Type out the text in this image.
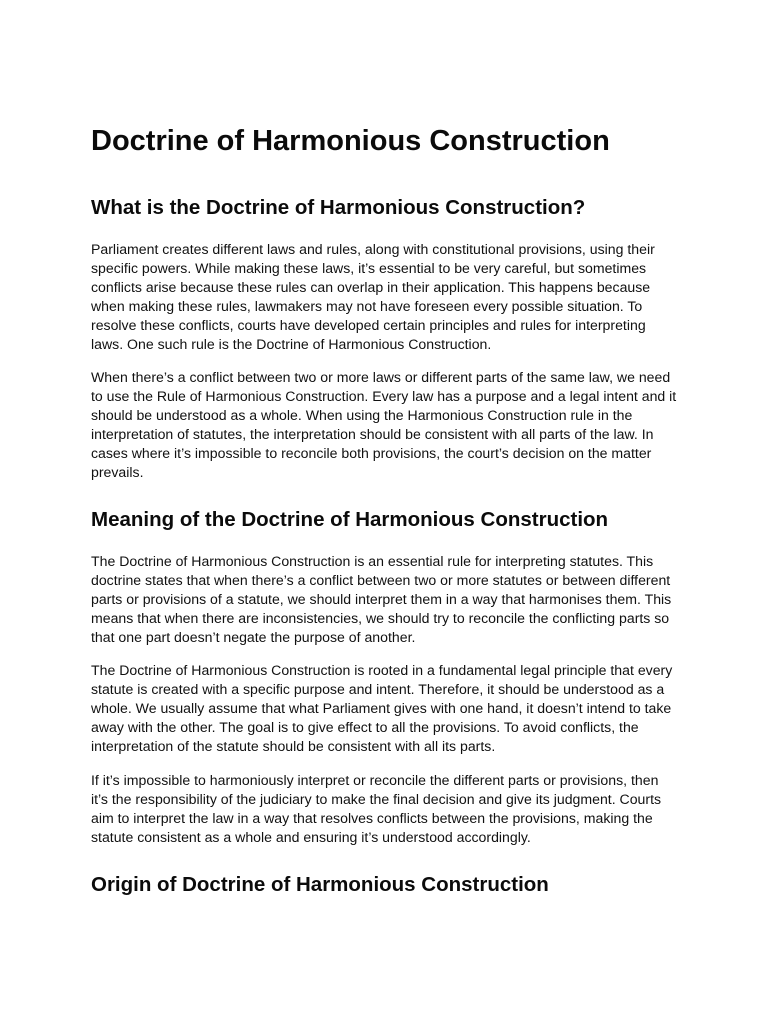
Doctrine of Harmonious Construction
What is the Doctrine of Harmonious Construction?

Parliament creates different laws and rules, along with constitutional provisions, using their specific powers. While making these laws, it’s essential to be very careful, but sometimes conflicts arise because these rules can overlap in their application. This happens because when making these rules, lawmakers may not have foreseen every possible situation. To resolve these conflicts, courts have developed certain principles and rules for interpreting laws. One such rule is the Doctrine of Harmonious Construction.

When there’s a conflict between two or more laws or different parts of the same law, we need to use the Rule of Harmonious Construction. Every law has a purpose and a legal intent and it should be understood as a whole. When using the Harmonious Construction rule in the interpretation of statutes, the interpretation should be consistent with all parts of the law. In cases where it’s impossible to reconcile both provisions, the court’s decision on the matter prevails.

Meaning of the Doctrine of Harmonious Construction

The Doctrine of Harmonious Construction is an essential rule for interpreting statutes. This doctrine states that when there’s a conflict between two or more statutes or between different parts or provisions of a statute, we should interpret them in a way that harmonises them. This means that when there are inconsistencies, we should try to reconcile the conflicting parts so that one part doesn’t negate the purpose of another.

The Doctrine of Harmonious Construction is rooted in a fundamental legal principle that every statute is created with a specific purpose and intent. Therefore, it should be understood as a whole. We usually assume that what Parliament gives with one hand, it doesn’t intend to take away with the other. The goal is to give effect to all the provisions. To avoid conflicts, the interpretation of the statute should be consistent with all its parts.

If it’s impossible to harmoniously interpret or reconcile the different parts or provisions, then it’s the responsibility of the judiciary to make the final decision and give its judgment. Courts aim to interpret the law in a way that resolves conflicts between the provisions, making the statute consistent as a whole and ensuring it’s understood accordingly.

Origin of Doctrine of Harmonious Construction
